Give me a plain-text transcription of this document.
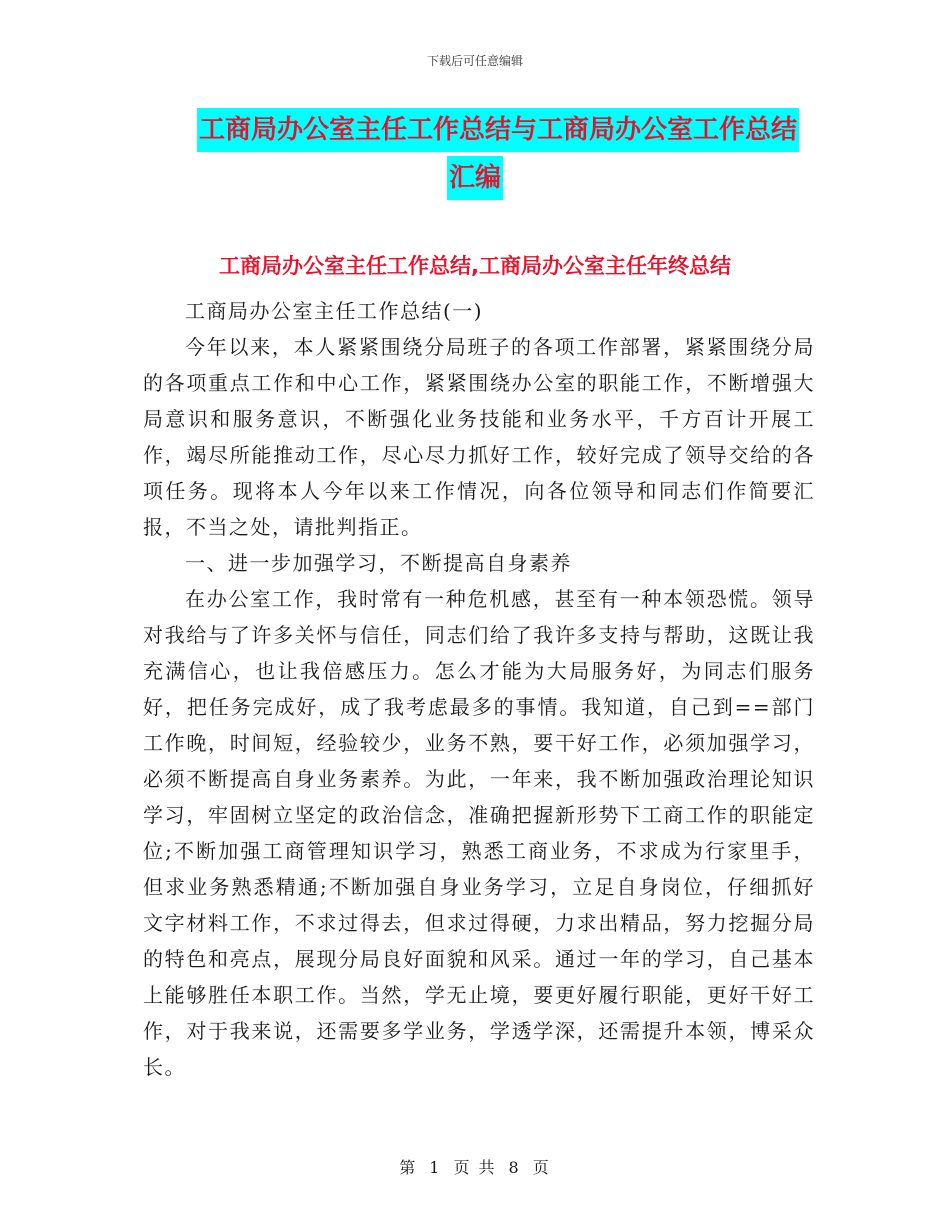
下载后可任意编辑
工商局办公室主任工作总结与工商局办公室工作总结
汇编
工商局办公室主任工作总结,工商局办公室主任年终总结

工商局办公室主任工作总结(一)

今年以来，本人紧紧围绕分局班子的各项工作部署，紧紧围绕分局的各项重点工作和中心工作，紧紧围绕办公室的职能工作，不断增强大局意识和服务意识，不断强化业务技能和业务水平，千方百计开展工作，竭尽所能推动工作，尽心尽力抓好工作，较好完成了领导交给的各项任务。现将本人今年以来工作情况，向各位领导和同志们作简要汇报，不当之处，请批判指正。

一、进一步加强学习，不断提高自身素养

在办公室工作，我时常有一种危机感，甚至有一种本领恐慌。领导对我给与了许多关怀与信任，同志们给了我许多支持与帮助，这既让我充满信心，也让我倍感压力。怎么才能为大局服务好，为同志们服务好，把任务完成好，成了我考虑最多的事情。我知道，自己到==部门工作晚，时间短，经验较少，业务不熟，要干好工作，必须加强学习，必须不断提高自身业务素养。为此，一年来，我不断加强政治理论知识学习，牢固树立坚定的政治信念，准确把握新形势下工商工作的职能定位;不断加强工商管理知识学习，熟悉工商业务，不求成为行家里手，但求业务熟悉精通;不断加强自身业务学习，立足自身岗位，仔细抓好文字材料工作，不求过得去，但求过得硬，力求出精品，努力挖掘分局的特色和亮点，展现分局良好面貌和风采。通过一年的学习，自己基本上能够胜任本职工作。当然，学无止境，要更好履行职能，更好干好工作，对于我来说，还需要多学业务，学透学深，还需提升本领，博采众长。

第 1 页 共 8 页
